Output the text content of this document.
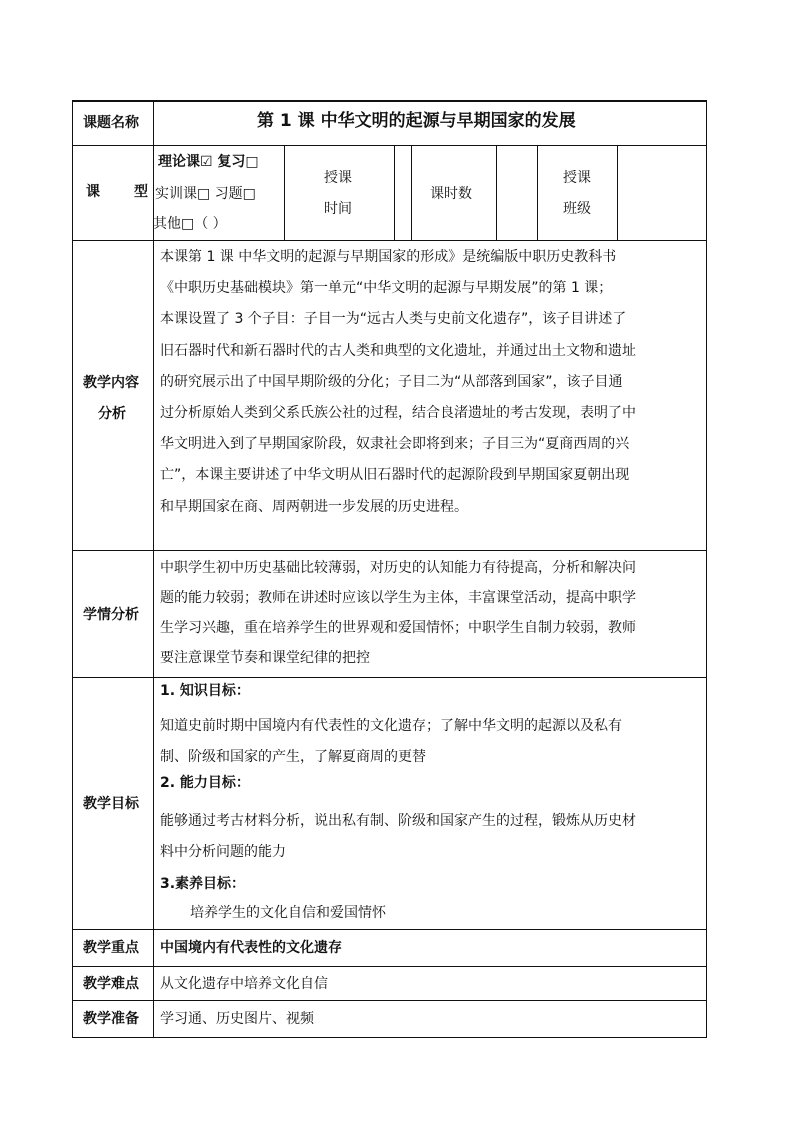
课题名称	第 1 课 中华文明的起源与早期国家的发展
课　型
理论课☑ 复习□
实训课□ 习题□
其他□（ ）
授课
时间
课时数
授课
班级
教学内容
分析
本课第 1 课 中华文明的起源与早期国家的形成》是统编版中职历史教科书
《中职历史基础模块》第一单元“中华文明的起源与早期发展”的第 1 课；
本课设置了 3 个子目：子目一为“远古人类与史前文化遗存”，该子目讲述了
旧石器时代和新石器时代的古人类和典型的文化遗址，并通过出土文物和遗址
的研究展示出了中国早期阶级的分化；子目二为“从部落到国家”，该子目通
过分析原始人类到父系氏族公社的过程，结合良渚遗址的考古发现，表明了中
华文明进入到了早期国家阶段，奴隶社会即将到来；子目三为“夏商西周的兴
亡”，本课主要讲述了中华文明从旧石器时代的起源阶段到早期国家夏朝出现
和早期国家在商、周两朝进一步发展的历史进程。
学情分析
中职学生初中历史基础比较薄弱，对历史的认知能力有待提高，分析和解决问
题的能力较弱；教师在讲述时应该以学生为主体，丰富课堂活动，提高中职学
生学习兴趣，重在培养学生的世界观和爱国情怀；中职学生自制力较弱，教师
要注意课堂节奏和课堂纪律的把控
教学目标
1. 知识目标：
知道史前时期中国境内有代表性的文化遗存；了解中华文明的起源以及私有
制、阶级和国家的产生，了解夏商周的更替
2. 能力目标：
能够通过考古材料分析，说出私有制、阶级和国家产生的过程，锻炼从历史材
料中分析问题的能力
3.素养目标：
培养学生的文化自信和爱国情怀
教学重点 中国境内有代表性的文化遗存
教学难点 从文化遗存中培养文化自信
教学准备 学习通、历史图片、视频
